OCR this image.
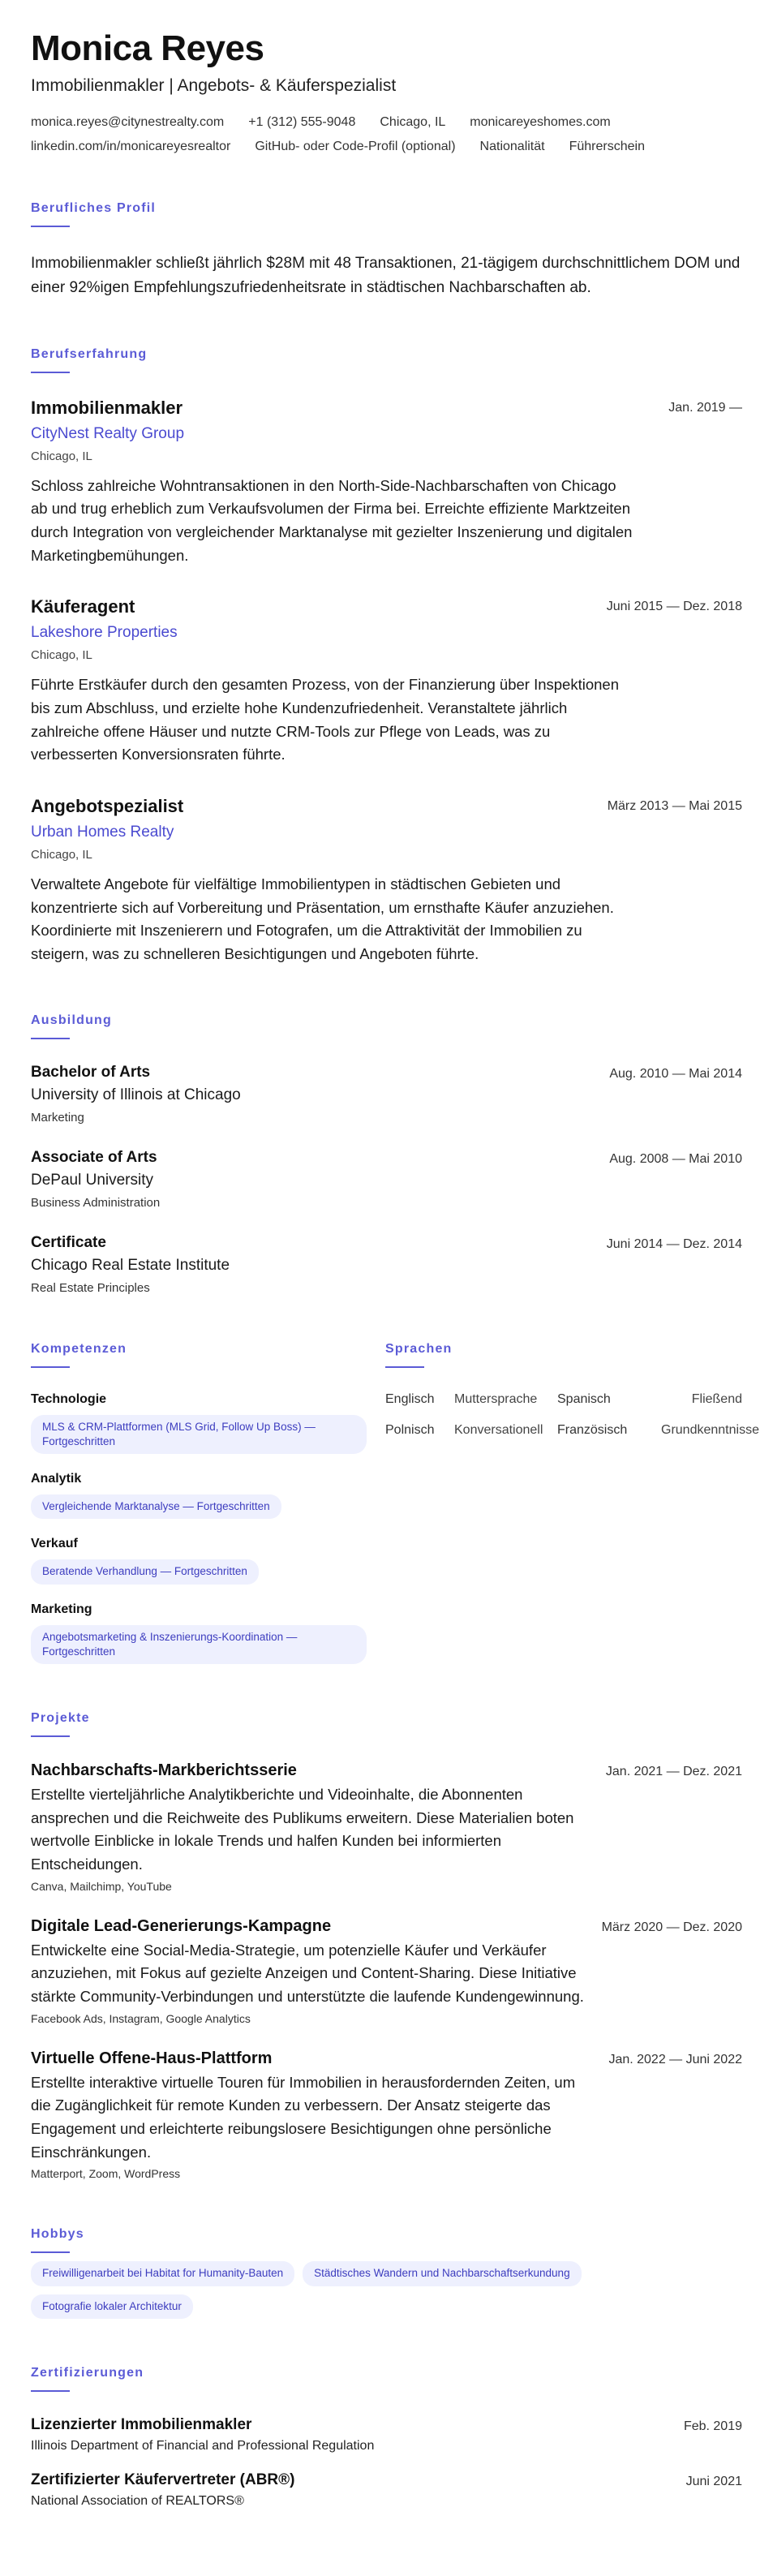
Monica Reyes
Immobilienmakler | Angebots- & Käuferspezialist
monica.reyes@citynestrealty.com +1 (312) 555-9048 Chicago, IL monicareyeshomes.com
linkedin.com/in/monicareyesrealtor GitHub- oder Code-Profil (optional) Nationalität Führerschein
Berufliches Profil
Immobilienmakler schließt jährlich $28M mit 48 Transaktionen, 21-tägigem durchschnittlichem DOM und einer 92%igen Empfehlungszufriedenheitsrate in städtischen Nachbarschaften ab.
Berufserfahrung
Immobilienmakler	Jan. 2019 —
CityNest Realty Group
Chicago, IL
Schloss zahlreiche Wohntransaktionen in den North-Side-Nachbarschaften von Chicago ab und trug erheblich zum Verkaufsvolumen der Firma bei. Erreichte effiziente Marktzeiten durch Integration von vergleichender Marktanalyse mit gezielter Inszenierung und digitalen Marketingbemühungen.
Käuferagent	Juni 2015 — Dez. 2018
Lakeshore Properties
Chicago, IL
Führte Erstkäufer durch den gesamten Prozess, von der Finanzierung über Inspektionen bis zum Abschluss, und erzielte hohe Kundenzufriedenheit. Veranstaltete jährlich zahlreiche offene Häuser und nutzte CRM-Tools zur Pflege von Leads, was zu verbesserten Konversionsraten führte.
Angebotspezialist	März 2013 — Mai 2015
Urban Homes Realty
Chicago, IL
Verwaltete Angebote für vielfältige Immobilientypen in städtischen Gebieten und konzentrierte sich auf Vorbereitung und Präsentation, um ernsthafte Käufer anzuziehen. Koordinierte mit Inszenierern und Fotografen, um die Attraktivität der Immobilien zu steigern, was zu schnelleren Besichtigungen und Angeboten führte.
Ausbildung
Bachelor of Arts	Aug. 2010 — Mai 2014
University of Illinois at Chicago
Marketing
Associate of Arts	Aug. 2008 — Mai 2010
DePaul University
Business Administration
Certificate	Juni 2014 — Dez. 2014
Chicago Real Estate Institute
Real Estate Principles
Kompetenzen
Technologie
MLS & CRM-Plattformen (MLS Grid, Follow Up Boss) — Fortgeschritten
Analytik
Vergleichende Marktanalyse — Fortgeschritten
Verkauf
Beratende Verhandlung — Fortgeschritten
Marketing
Angebotsmarketing & Inszenierungs-Koordination — Fortgeschritten
Sprachen
Englisch	Muttersprache	Spanisch	Fließend
Polnisch	Konversationell	Französisch	Grundkenntnisse
Projekte
Nachbarschafts-Markberichtsserie	Jan. 2021 — Dez. 2021
Erstellte vierteljährliche Analytikberichte und Videoinhalte, die Abonnenten ansprechen und die Reichweite des Publikums erweitern. Diese Materialien boten wertvolle Einblicke in lokale Trends und halfen Kunden bei informierten Entscheidungen.
Canva, Mailchimp, YouTube
Digitale Lead-Generierungs-Kampagne	März 2020 — Dez. 2020
Entwickelte eine Social-Media-Strategie, um potenzielle Käufer und Verkäufer anzuziehen, mit Fokus auf gezielte Anzeigen und Content-Sharing. Diese Initiative stärkte Community-Verbindungen und unterstützte die laufende Kundengewinnung.
Facebook Ads, Instagram, Google Analytics
Virtuelle Offene-Haus-Plattform	Jan. 2022 — Juni 2022
Erstellte interaktive virtuelle Touren für Immobilien in herausfordernden Zeiten, um die Zugänglichkeit für remote Kunden zu verbessern. Der Ansatz steigerte das Engagement und erleichterte reibungslosere Besichtigungen ohne persönliche Einschränkungen.
Matterport, Zoom, WordPress
Hobbys
Freiwilligenarbeit bei Habitat for Humanity-Bauten	Städtisches Wandern und Nachbarschaftserkundung
Fotografie lokaler Architektur
Zertifizierungen
Lizenzierter Immobilienmakler	Feb. 2019
Illinois Department of Financial and Professional Regulation
Zertifizierter Käufervertreter (ABR®)	Juni 2021
National Association of REALTORS®
